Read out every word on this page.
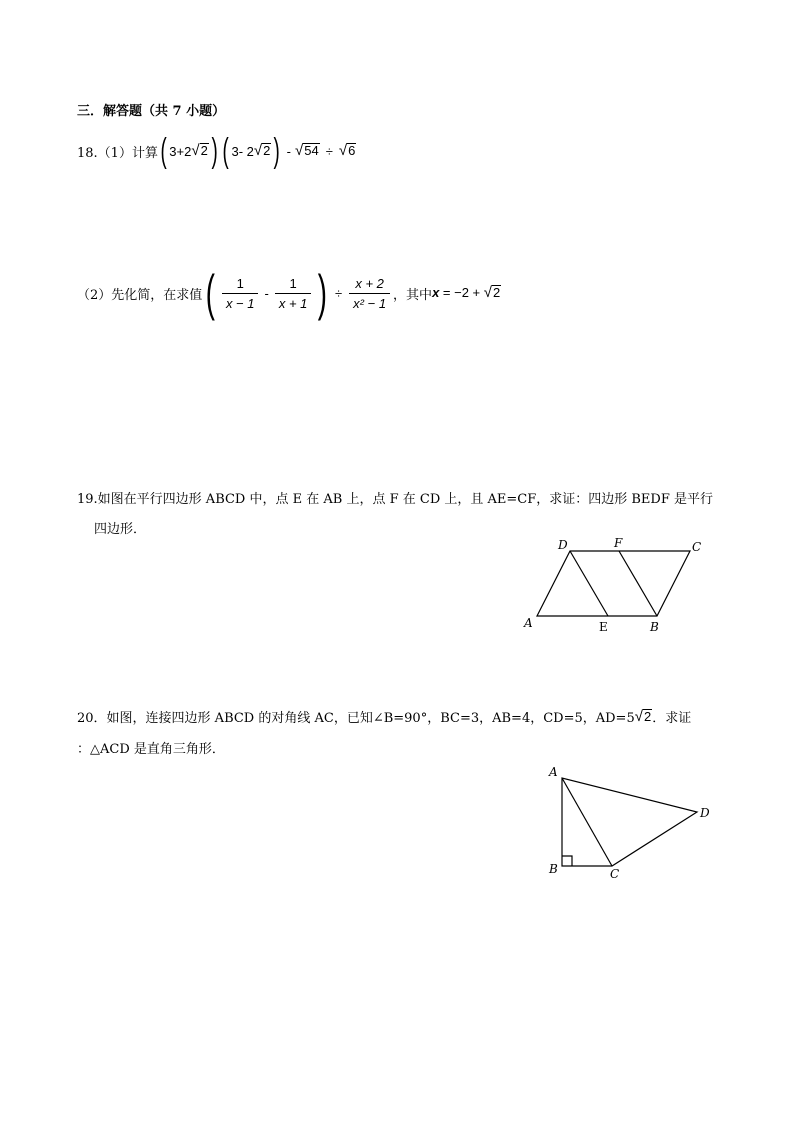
三．解答题（共 7 小题）
18.（1）计算 ( 3+2 √ 2 ) ( 3- 2 √ 2 ) - √ 54 ÷ √ 6
（2）先化简，在求值 ( $\frac{1}{x - 1} - \frac{1}{x + 1}$ ) ÷ $\frac{x + 2}{\text{x² − 1}}$ ，其中 x = −2 + √ 2
19.如图在平行四边形 ABCD 中，点 E 在 AB 上，点 F 在 CD 上，且 AE=CF，求证：四边形 BEDF 是平行
四边形．
A	B
C
D
E
F
20．如图，连接四边形 ABCD 的对角线 AC，已知∠B=90°，BC=3，AB=4，CD=5，AD=5 √ 2 ．求证
：△ACD 是直角三角形．
A
B	C
D
